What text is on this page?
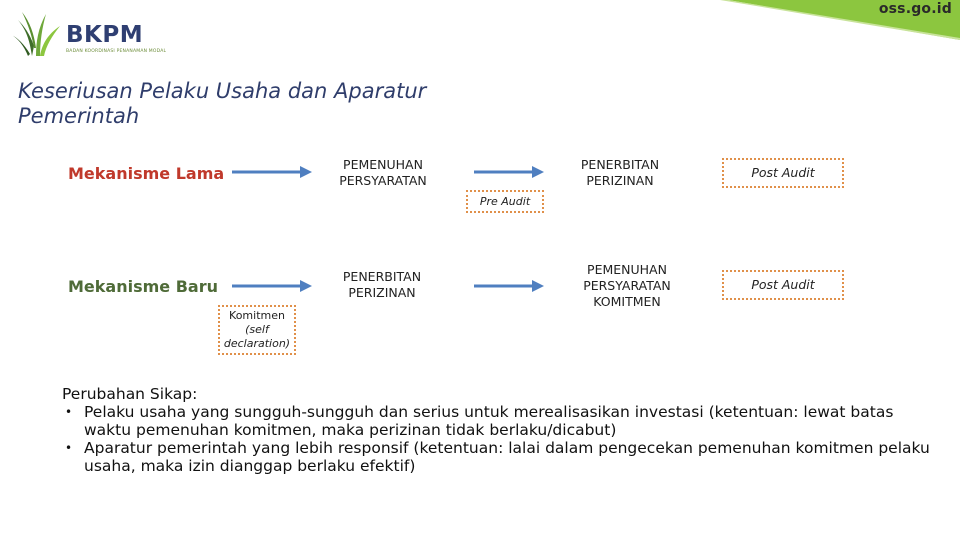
oss.go.id
BKPM
BADAN KOORDINASI PENANAMAN MODAL
Keseriusan Pelaku Usaha dan Aparatur Pemerintah
Mekanisme Lama	PEMENUHAN PERSYARATAN
PENERBITAN PERIZINAN
Post Audit
Pre Audit
Mekanisme Baru
PENERBITAN PERIZINAN
PEMENUHAN PERSYARATAN KOMITMEN
Post Audit
Komitmen
(self
declaration)
Perubahan Sikap:
• Pelaku usaha yang sungguh-sungguh dan serius untuk merealisasikan investasi (ketentuan: lewat batas waktu pemenuhan komitmen, maka perizinan tidak berlaku/dicabut)
• Aparatur pemerintah yang lebih responsif (ketentuan: lalai dalam pengecekan pemenuhan komitmen pelaku usaha, maka izin dianggap berlaku efektif)
